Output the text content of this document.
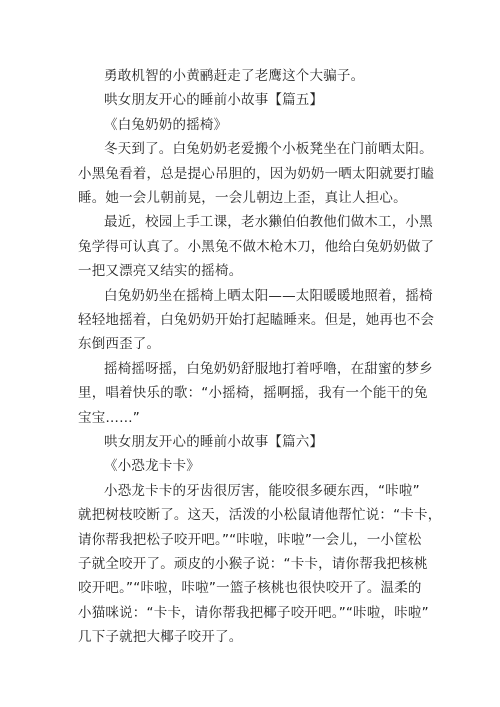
勇敢机智的小黄鹂赶走了老鹰这个大骗子。
哄女朋友开心的睡前小故事【篇五】
《白兔奶奶的摇椅》
冬天到了。白兔奶奶老爱搬个小板凳坐在门前晒太阳。
小黑兔看着，总是提心吊胆的，因为奶奶一晒太阳就要打瞌
睡。她一会儿朝前晃，一会儿朝边上歪，真让人担心。
最近，校园上手工课，老水獭伯伯教他们做木工，小黑
兔学得可认真了。小黑兔不做木枪木刀，他给白兔奶奶做了
一把又漂亮又结实的摇椅。
白兔奶奶坐在摇椅上晒太阳——太阳暖暖地照着，摇椅
轻轻地摇着，白兔奶奶开始打起瞌睡来。但是，她再也不会
东倒西歪了。
摇椅摇呀摇，白兔奶奶舒服地打着呼噜，在甜蜜的梦乡
里，唱着快乐的歌：“小摇椅，摇啊摇，我有一个能干的兔
宝宝……”
哄女朋友开心的睡前小故事【篇六】
《小恐龙卡卡》
小恐龙卡卡的牙齿很厉害，能咬很多硬东西，“咔啦”
就把树枝咬断了。这天，活泼的小松鼠请他帮忙说：“卡卡，
请你帮我把松子咬开吧。”“咔啦，咔啦”一会儿，一小筐松
子就全咬开了。顽皮的小猴子说：“卡卡，请你帮我把核桃
咬开吧。”“咔啦，咔啦”一篮子核桃也很快咬开了。温柔的
小猫咪说：“卡卡，请你帮我把椰子咬开吧。”“咔啦，咔啦”
几下子就把大椰子咬开了。
